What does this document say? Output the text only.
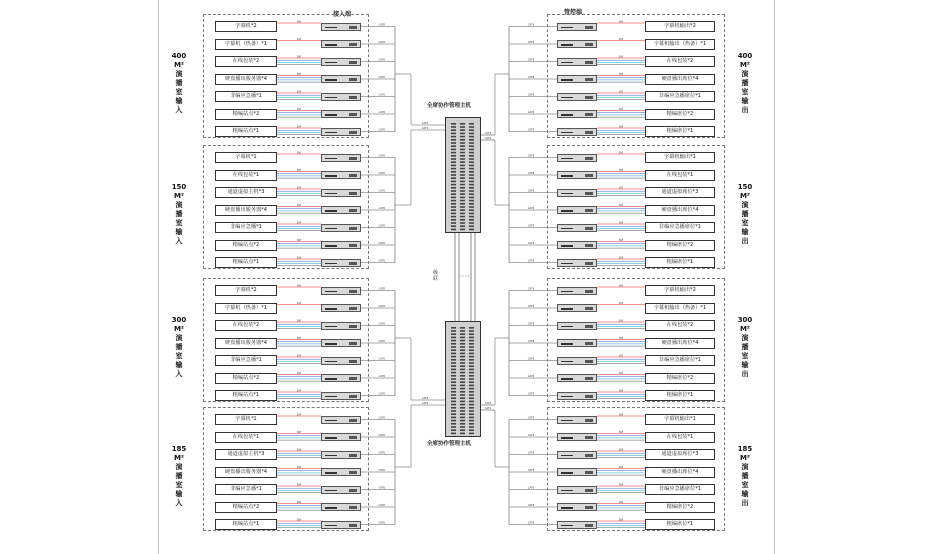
接入端	管控端
全席协作管理主机
全席协作管理主机
级联
DVI
CAT6
DVI
CAT6
DVI
CAT6
DVI
CAT6
DVI
CAT6
DVI
CAT6
DVI
CAT6
CAT6
DVI
CAT6
DVI
CAT6
DVI
CAT6
DVI
CAT6
DVI
CAT6
DVI
CAT6
DVI
CAT6
CAT6
DVI
CAT6
DVI
CAT6
DVI
CAT6
DVI
CAT6
DVI
CAT6
DVI
CAT6
DVI
CAT6
CAT6
DVI
CAT6
DVI
CAT6
DVI
CAT6
DVI
CAT6
DVI
CAT6
DVI
CAT6
DVI
CAT6
CAT6
DVI
CAT6
DVI
CAT6
DVI
CAT6
DVI
CAT6
DVI
CAT6
DVI
CAT6
DVI
CAT6
CAT6
DVI
CAT6
DVI
CAT6
DVI
CAT6
DVI
CAT6
DVI
CAT6
DVI
CAT6
DVI
CAT6
CAT6
DVI
CAT6
DVI
CAT6
DVI
CAT6
DVI
CAT6
DVI
CAT6
DVI
CAT6
DVI
CAT6
CAT6
DVI
CAT6
DVI
CAT6
DVI
CAT6
DVI
CAT6
DVI
CAT6
DVI
CAT6
DVI
CAT6
CAT6
400
M²
演
播
室
输
入
字幕机*2
字幕机（热备）*1
在线包装*2
硬盘播出服务器*4
非编应急播*1
精编站点*2
粗编站点*1
150
M²
演
播
室
输
入
字幕机*1
在线包装*1
通道虚拟主机*3
硬盘播出服务器*4
非编应急播*1
精编站点*2
粗编站点*1
300
M²
演
播
室
输
入
字幕机*2
字幕机（热备）*1
在线包装*2
硬盘播出服务器*4
非编应急播*1
精编站点*2
粗编站点*1
185
M²
演
播
室
输
入
字幕机*1
在线包装*1
通道虚拟主机*3
硬盘播出服务器*4
非编应急播*1
精编站点*2
粗编站点*1
400
M²
演
播
室
输
出
字幕机输出*2
字幕机输出（热备）*1
在线包装*2
硬盘播出席位*4
非编应急播席位*1
精编席位*2
粗编席位*1
150
M²
演
播
室
输
出
字幕机输出*1
在线包装*1
通道虚拟席位*3
硬盘播出席位*4
非编应急播席位*1
精编席位*2
粗编席位*1
300
M²
演
播
室
输
出
字幕机输出*2
字幕机输出（热备）*1
在线包装*2
硬盘播出席位*4
非编应急播席位*1
精编席位*2
粗编席位*1
185
M²
演
播
室
输
出
字幕机输出*1
在线包装*1
通道虚拟席位*3
硬盘播出席位*4
非编应急播席位*1
精编席位*2
粗编席位*1
